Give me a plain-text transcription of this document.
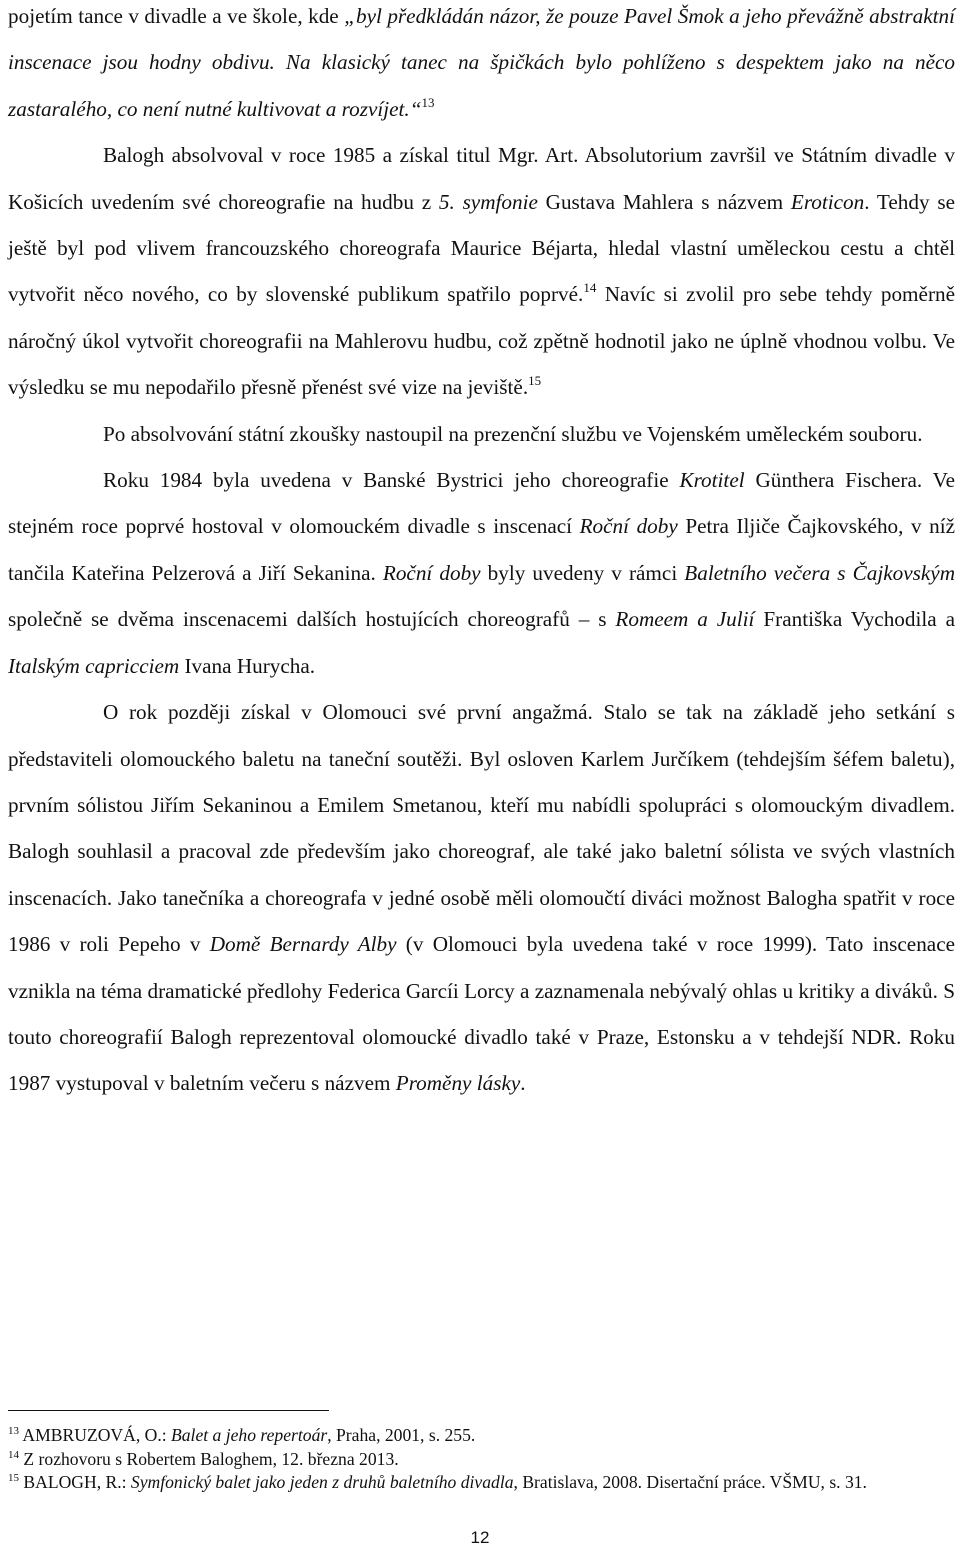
pojetím tance v divadle a ve škole, kde „byl předkládán názor, že pouze Pavel Šmok a jeho převážně abstraktní inscenace jsou hodny obdivu. Na klasický tanec na špičkách bylo pohlíženo s despektem jako na něco zastaralého, co není nutné kultivovat a rozvíjet.“$^{13}$

Balogh absolvoval v roce 1985 a získal titul Mgr. Art. Absolutorium završil ve Státním divadle v Košicích uvedením své choreografie na hudbu z 5. symfonie Gustava Mahlera s názvem Eroticon. Tehdy se ještě byl pod vlivem francouzského choreografa Maurice Béjarta, hledal vlastní uměleckou cestu a chtěl vytvořit něco nového, co by slovenské publikum spatřilo poprvé.$^{14}$ Navíc si zvolil pro sebe tehdy poměrně náročný úkol vytvořit choreografii na Mahlerovu hudbu, což zpětně hodnotil jako ne úplně vhodnou volbu. Ve výsledku se mu nepodařilo přesně přenést své vize na jeviště.$^{15}$

Po absolvování státní zkoušky nastoupil na prezenční službu ve Vojenském uměleckém souboru.

Roku 1984 byla uvedena v Banské Bystrici jeho choreografie Krotitel Günthera Fischera. Ve stejném roce poprvé hostoval v olomouckém divadle s inscenací Roční doby Petra Iljiče Čajkovského, v níž tančila Kateřina Pelzerová a Jiří Sekanina. Roční doby byly uvedeny v rámci Baletního večera s Čajkovským společně se dvěma inscenacemi dalších hostujících choreografů – s Romeem a Julií Františka Vychodila a Italským capricciem Ivana Hurycha.

O rok později získal v Olomouci své první angažmá. Stalo se tak na základě jeho setkání s představiteli olomouckého baletu na taneční soutěži. Byl osloven Karlem Jurčíkem (tehdejším šéfem baletu), prvním sólistou Jiřím Sekaninou a Emilem Smetanou, kteří mu nabídli spolupráci s olomouckým divadlem. Balogh souhlasil a pracoval zde především jako choreograf, ale také jako baletní sólista ve svých vlastních inscenacích. Jako tanečníka a choreografa v jedné osobě měli olomoučtí diváci možnost Balogha spatřit v roce 1986 v roli Pepeho v Domě Bernardy Alby (v Olomouci byla uvedena také v roce 1999). Tato inscenace vznikla na téma dramatické předlohy Federica Garcíi Lorcy a zaznamenala nebývalý ohlas u kritiky a diváků. S touto choreografií Balogh reprezentoval olomoucké divadlo také v Praze, Estonsku a v tehdejší NDR. Roku 1987 vystupoval v baletním večeru s názvem Proměny lásky.

$^{13}$ AMBRUZOVÁ, O.: Balet a jeho repertoár, Praha, 2001, s. 255.

$^{14}$ Z rozhovoru s Robertem Baloghem, 12. března 2013.

$^{15}$ BALOGH, R.: Symfonický balet jako jeden z druhů baletního divadla, Bratislava, 2008. Disertační práce. VŠMU, s. 31.

12
